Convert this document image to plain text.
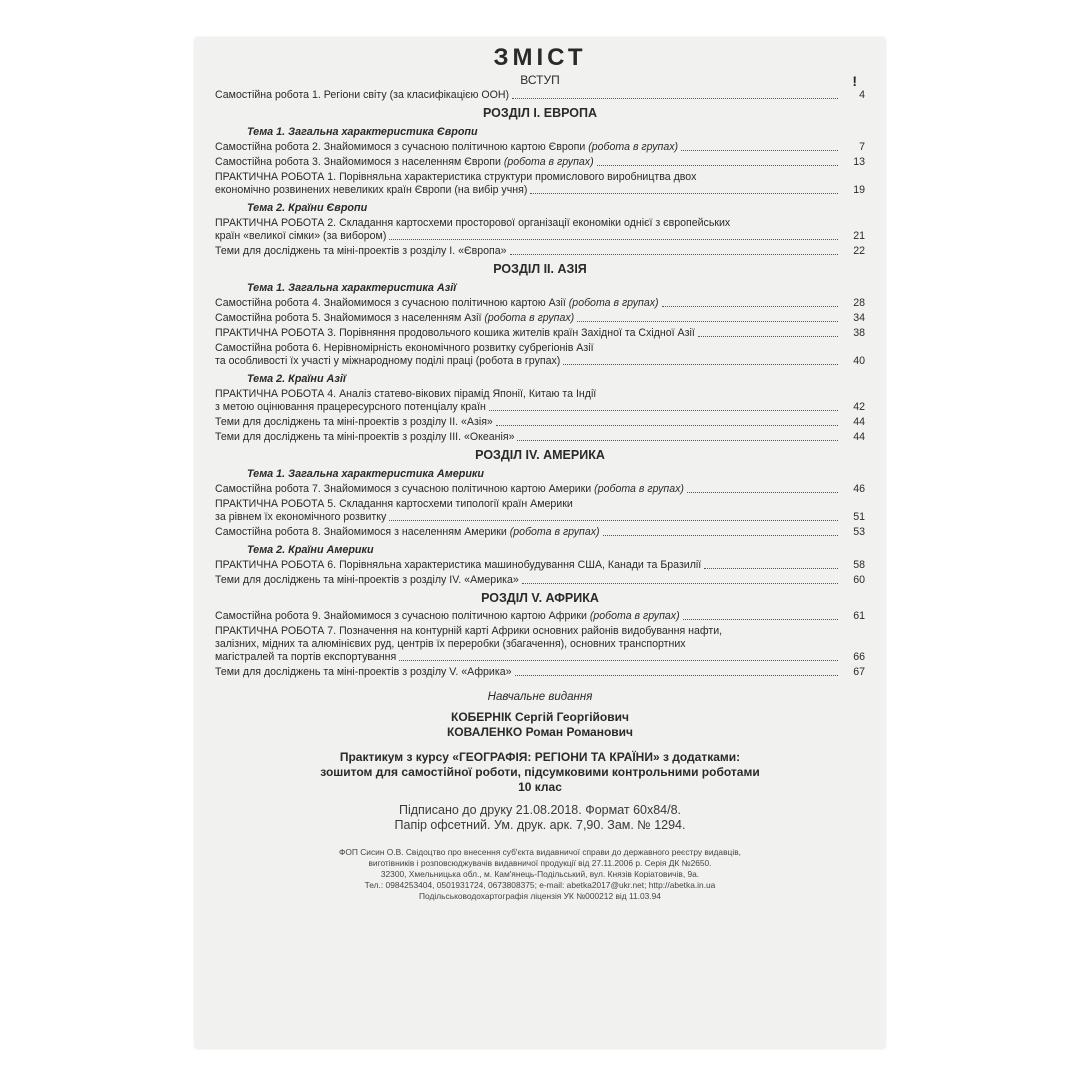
ЗМІСТ
!
ВСТУП
Самостійна робота 1. Регіони світу (за класифікацією ООН)	4
РОЗДІЛ І. ЕВРОПА
Тема 1. Загальна характеристика Європи
Самостійна робота 2. Знайомимося з сучасною політичною картою Європи (робота в групах)	7
Самостійна робота 3. Знайомимося з населенням Європи (робота в групах)	13
ПРАКТИЧНА РОБОТА 1. Порівняльна характеристика структури промислового виробництва двох
економічно розвинених невеликих країн Європи (на вибір учня)	19
Тема 2. Країни Європи
ПРАКТИЧНА РОБОТА 2. Складання картосхеми просторової організації економіки однієї з європейських
країн «великої сімки» (за вибором)	21
Теми для досліджень та міні-проектів з розділу І. «Європа»	22
РОЗДІЛ ІІ. АЗІЯ
Тема 1. Загальна характеристика Азії
Самостійна робота 4. Знайомимося з сучасною політичною картою Азії (робота в групах)	28
Самостійна робота 5. Знайомимося з населенням Азії (робота в групах)	34
ПРАКТИЧНА РОБОТА 3. Порівняння продовольчого кошика жителів країн Західної та Східної Азії	38
Самостійна робота 6. Нерівномірність економічного розвитку субрегіонів Азії
та особливості їх участі у міжнародному поділі праці (робота в групах)	40
Тема 2. Країни Азії
ПРАКТИЧНА РОБОТА 4. Аналіз статево-вікових пірамід Японії, Китаю та Індії
з метою оцінювання працересурсного потенціалу країн	42
Теми для досліджень та міні-проектів з розділу ІІ. «Азія»	44
Теми для досліджень та міні-проектів з розділу ІІІ. «Океанія»	44
РОЗДІЛ IV. АМЕРИКА
Тема 1. Загальна характеристика Америки
Самостійна робота 7. Знайомимося з сучасною політичною картою Америки (робота в групах)	46
ПРАКТИЧНА РОБОТА 5. Складання картосхеми типології країн Америки
за рівнем їх економічного розвитку	51
Самостійна робота 8. Знайомимося з населенням Америки (робота в групах)	53
Тема 2. Країни Америки
ПРАКТИЧНА РОБОТА 6. Порівняльна характеристика машинобудування США, Канади та Бразилії	58
Теми для досліджень та міні-проектів з розділу IV. «Америка»	60
РОЗДІЛ V. АФРИКА
Самостійна робота 9. Знайомимося з сучасною політичною картою Африки (робота в групах)	61
ПРАКТИЧНА РОБОТА 7. Позначення на контурній карті Африки основних районів видобування нафти,
залізних, мідних та алюмінієвих руд, центрів їх переробки (збагачення), основних транспортних
магістралей та портів експортування	66
Теми для досліджень та міні-проектів з розділу V. «Африка»	67
Навчальне видання
КОБЕРНІК Сергій Георгійович
КОВАЛЕНКО Роман Романович
Практикум з курсу «ГЕОГРАФІЯ: РЕГІОНИ ТА КРАЇНИ» з додатками:
зошитом для самостійної роботи, підсумковими контрольними роботами
10 клас
Підписано до друку 21.08.2018. Формат 60х84/8.
Папір офсетний. Ум. друк. арк. 7,90. Зам. № 1294.
ФОП Сисин О.В. Свідоцтво про внесення суб'єкта видавничої справи до державного реєстру видавців,
виготівників і розповсюджувачів видавничої продукції від 27.11.2006 р. Серія ДК №2650.
32300, Хмельницька обл., м. Кам'янець-Подільський, вул. Князів Коріатовичів, 9а.
Тел.: 0984253404, 0501931724, 0673808375; e-mail: abetka2017@ukr.net; http://abetka.in.ua
Подільсьководохартографія ліцензія УК №000212 від 11.03.94
